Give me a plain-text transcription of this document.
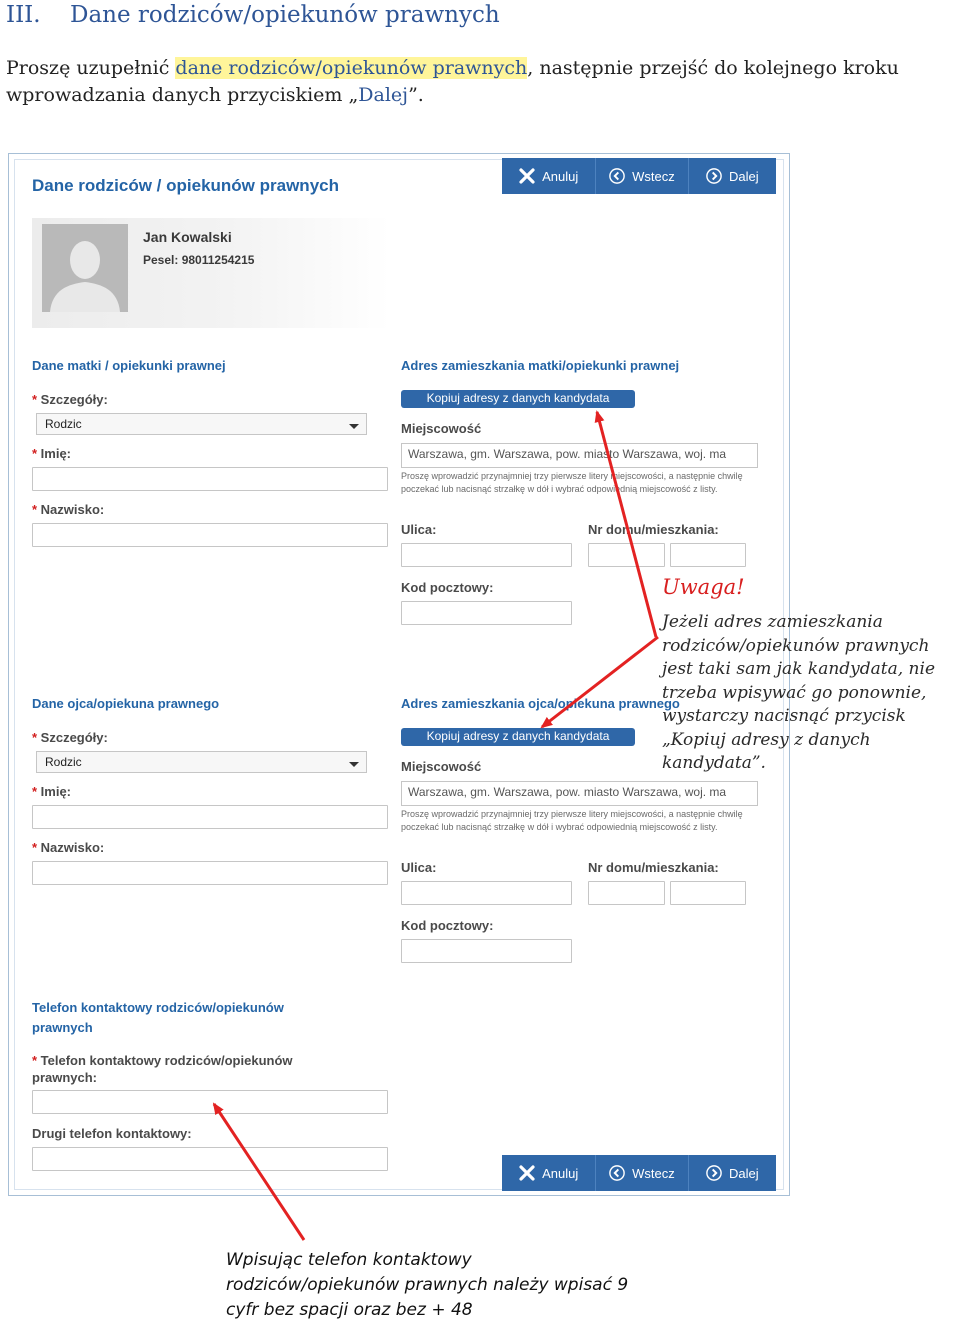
III. Dane rodziców/opiekunów prawnych
Proszę uzupełnić dane rodziców/opiekunów prawnych, następnie przejść do kolejnego kroku wprowadzania danych przyciskiem „Dalej”.
Dane rodziców / opiekunów prawnych	Anuluj	Wstecz	Dalej
Jan Kowalski
Pesel: 98011254215
Dane matki / opiekunki prawnej
* Szczegóły:
Rodzic
* Imię:
* Nazwisko:
Adres zamieszkania matki/opiekunki prawnej
Kopiuj adresy z danych kandydata
Miejscowość
Warszawa, gm. Warszawa, pow. miasto Warszawa, woj. ma
Proszę wprowadzić przynajmniej trzy pierwsze litery miejscowości, a następnie chwilę poczekać lub nacisnąć strzałkę w dół i wybrać odpowiednią miejscowość z listy.
Ulica:	Nr domu/mieszkania:
Kod pocztowy:
Dane ojca/opiekuna prawnego
* Szczegóły:
Rodzic
* Imię:
* Nazwisko:
Adres zamieszkania ojca/opiekuna prawnego
Kopiuj adresy z danych kandydata
Miejscowość
Warszawa, gm. Warszawa, pow. miasto Warszawa, woj. ma
Proszę wprowadzić przynajmniej trzy pierwsze litery miejscowości, a następnie chwilę poczekać lub nacisnąć strzałkę w dół i wybrać odpowiednią miejscowość z listy.
Ulica:	Nr domu/mieszkania:
Kod pocztowy:
Telefon kontaktowy rodziców/opiekunów prawnych
* Telefon kontaktowy rodziców/opiekunów prawnych:
Drugi telefon kontaktowy:
Anuluj	Wstecz	Dalej
Uwaga!
Jeżeli adres zamieszkania rodziców/opiekunów prawnych jest taki sam jak kandydata, nie trzeba wpisywać go ponownie, wystarczy nacisnąć przycisk „Kopiuj adresy z danych kandydata”.
Wpisując telefon kontaktowy rodziców/opiekunów prawnych należy wpisać 9 cyfr bez spacji oraz bez + 48
